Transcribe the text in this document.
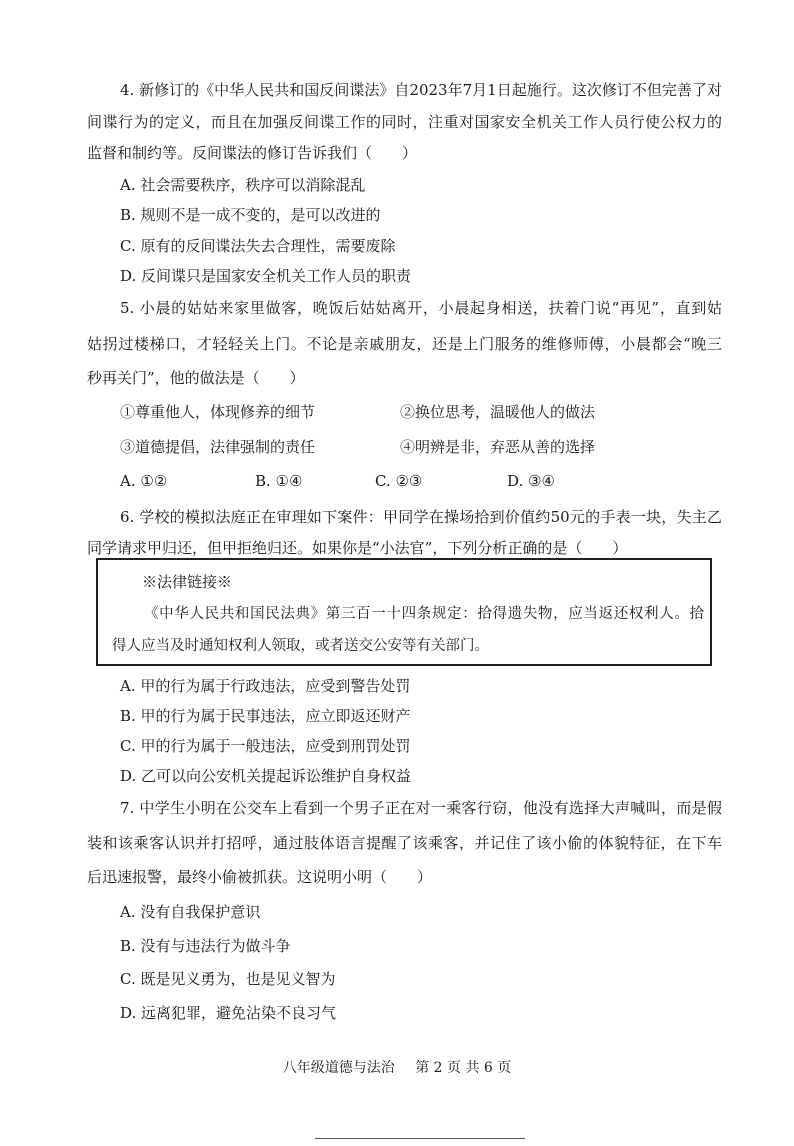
4. 新修订的《中华人民共和国反间谍法》自2023年7月1日起施行。这次修订不但完善了对
间谍行为的定义，而且在加强反间谍工作的同时，注重对国家安全机关工作人员行使公权力的
监督和制约等。反间谍法的修订告诉我们（　　）
A. 社会需要秩序，秩序可以消除混乱
B. 规则不是一成不变的，是可以改进的
C. 原有的反间谍法失去合理性，需要废除
D. 反间谍只是国家安全机关工作人员的职责
5. 小晨的姑姑来家里做客，晚饭后姑姑离开，小晨起身相送，扶着门说“再见”，直到姑
姑拐过楼梯口，才轻轻关上门。不论是亲戚朋友，还是上门服务的维修师傅，小晨都会“晚三
秒再关门”，他的做法是（　　）
①尊重他人，体现修养的细节	②换位思考，温暖他人的做法
③道德提倡，法律强制的责任	④明辨是非，弃恶从善的选择
A. ①②	B. ①④	C. ②③	D. ③④
6. 学校的模拟法庭正在审理如下案件：甲同学在操场拾到价值约50元的手表一块，失主乙
同学请求甲归还，但甲拒绝归还。如果你是“小法官”，下列分析正确的是（　　）
※法律链接※
《中华人民共和国民法典》第三百一十四条规定：拾得遗失物，应当返还权利人。拾
得人应当及时通知权利人领取，或者送交公安等有关部门。
A. 甲的行为属于行政违法，应受到警告处罚
B. 甲的行为属于民事违法，应立即返还财产
C. 甲的行为属于一般违法，应受到刑罚处罚
D. 乙可以向公安机关提起诉讼维护自身权益
7. 中学生小明在公交车上看到一个男子正在对一乘客行窃，他没有选择大声喊叫，而是假
装和该乘客认识并打招呼，通过肢体语言提醒了该乘客，并记住了该小偷的体貌特征，在下车
后迅速报警，最终小偷被抓获。这说明小明（　　）
A. 没有自我保护意识
B. 没有与违法行为做斗争
C. 既是见义勇为，也是见义智为
D. 远离犯罪，避免沾染不良习气
八年级道德与法治 第 2 页 共 6 页
